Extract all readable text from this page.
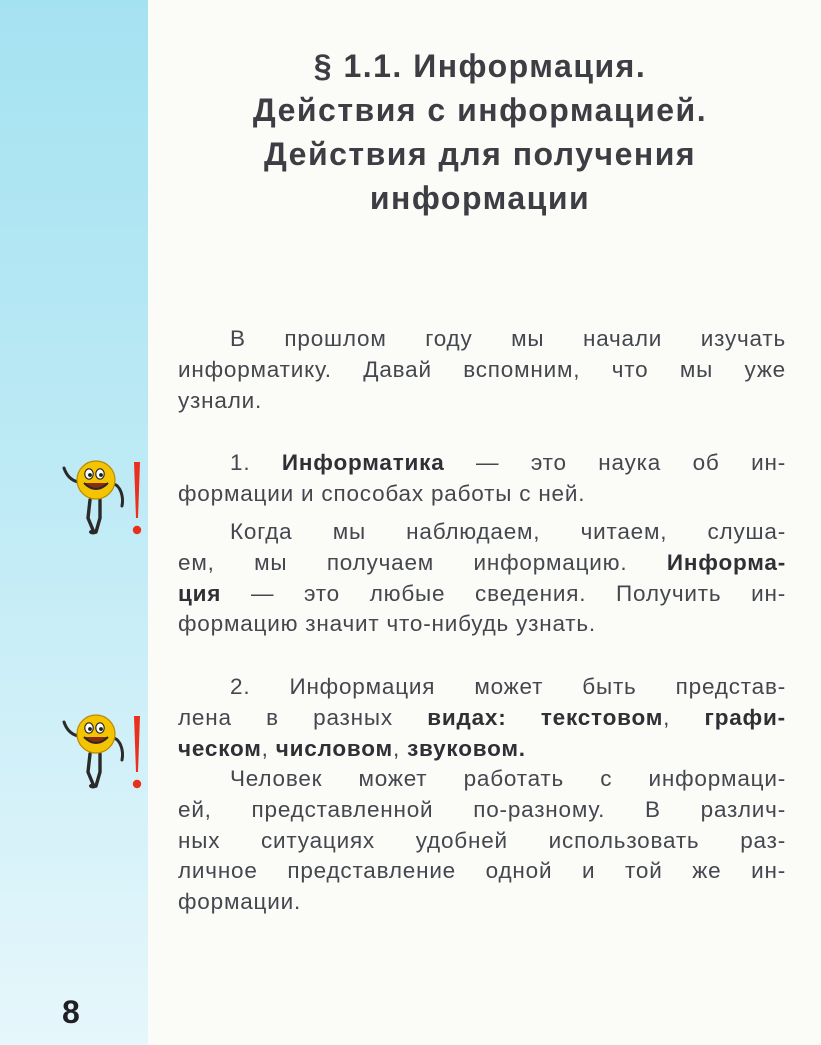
§ 1.1. Информация.
Действия с информацией.
Действия для получения
информации

В прошлом году мы начали изучать
информатику. Давай вспомним, что мы уже
узнали.

1. Информатика — это наука об ин-
формации и способах работы с ней.

Когда мы наблюдаем, читаем, слуша-
ем, мы получаем информацию. Информа-
ция — это любые сведения. Получить ин-
формацию значит что-нибудь узнать.

2. Информация может быть представ-
лена в разных видах: текстовом, графи-
ческом, числовом, звуковом.

Человек может работать с информаци-
ей, представленной по-разному. В различ-
ных ситуациях удобней использовать раз-
личное представление одной и той же ин-
формации.

8
